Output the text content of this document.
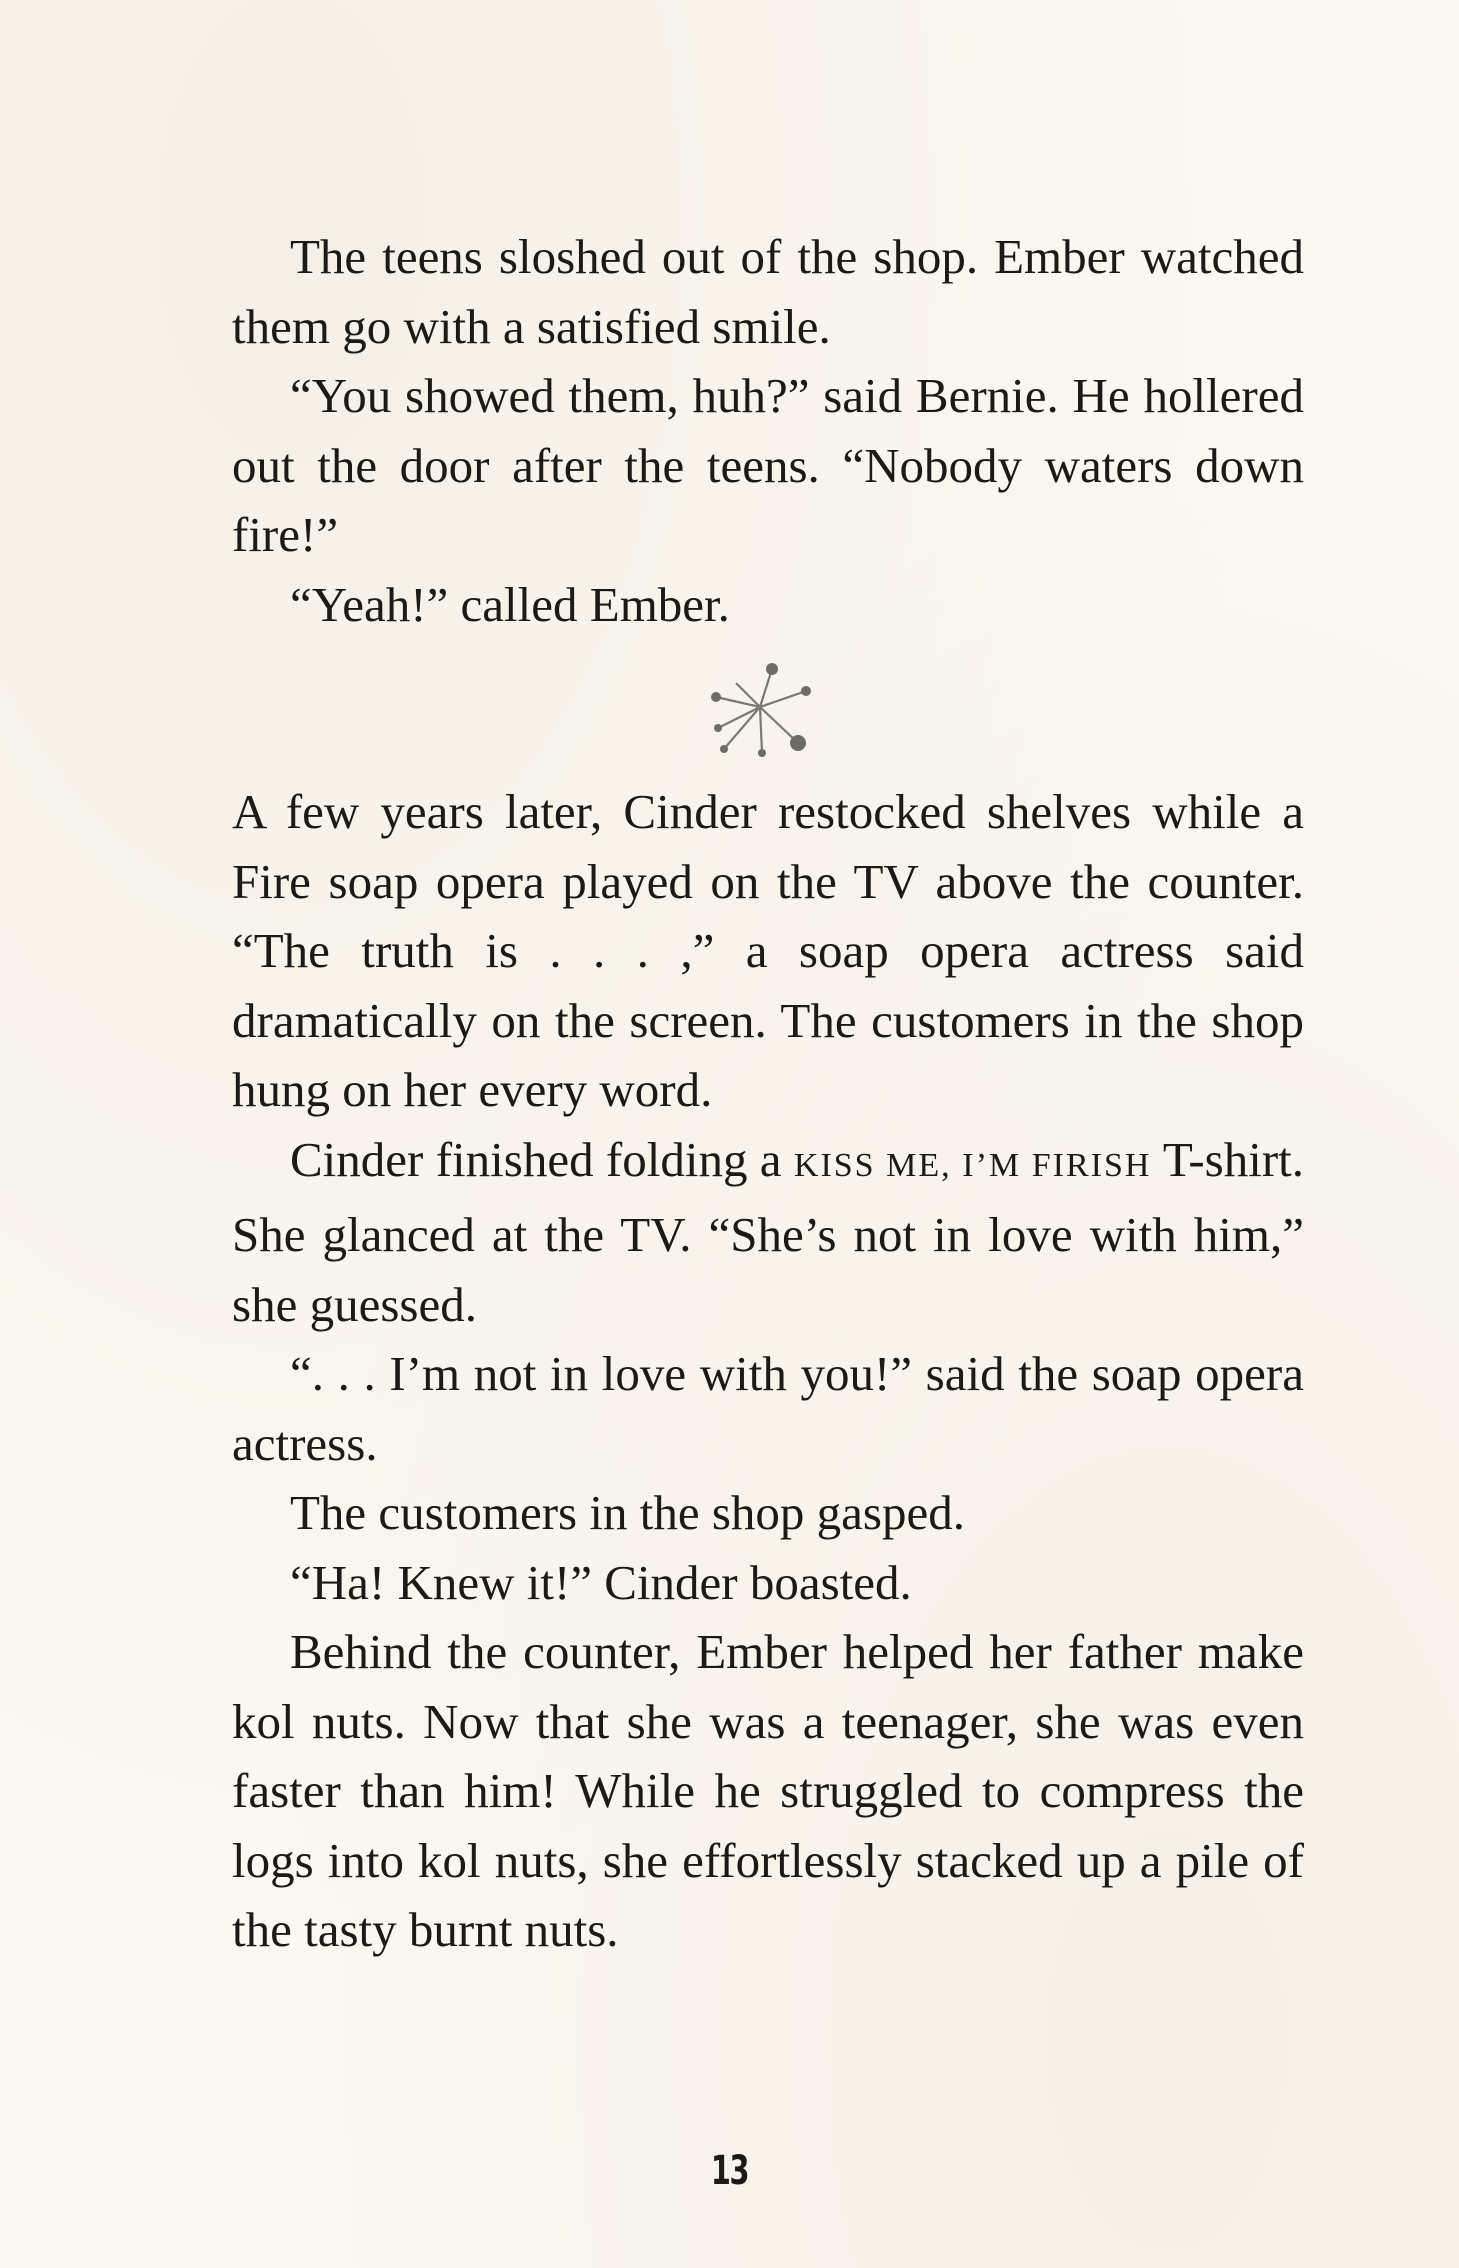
The teens sloshed out of the shop. Ember watched them go with a satisfied smile.

“You showed them, huh?” said Bernie. He hollered out the door after the teens. “Nobody waters down fire!”

“Yeah!” called Ember.

A few years later, Cinder restocked shelves while a Fire soap opera played on the TV above the counter. “The truth is . . . ,” a soap opera actress said dramatically on the screen. The customers in the shop hung on her every word.

Cinder finished folding a KISS ME, I’M FIRISH T-shirt. She glanced at the TV. “She’s not in love with him,” she guessed.

“. . . I’m not in love with you!” said the soap opera actress.

The customers in the shop gasped.

“Ha! Knew it!” Cinder boasted.

Behind the counter, Ember helped her father make kol nuts. Now that she was a teenager, she was even faster than him! While he struggled to compress the logs into kol nuts, she effortlessly stacked up a pile of the tasty burnt nuts.

13
